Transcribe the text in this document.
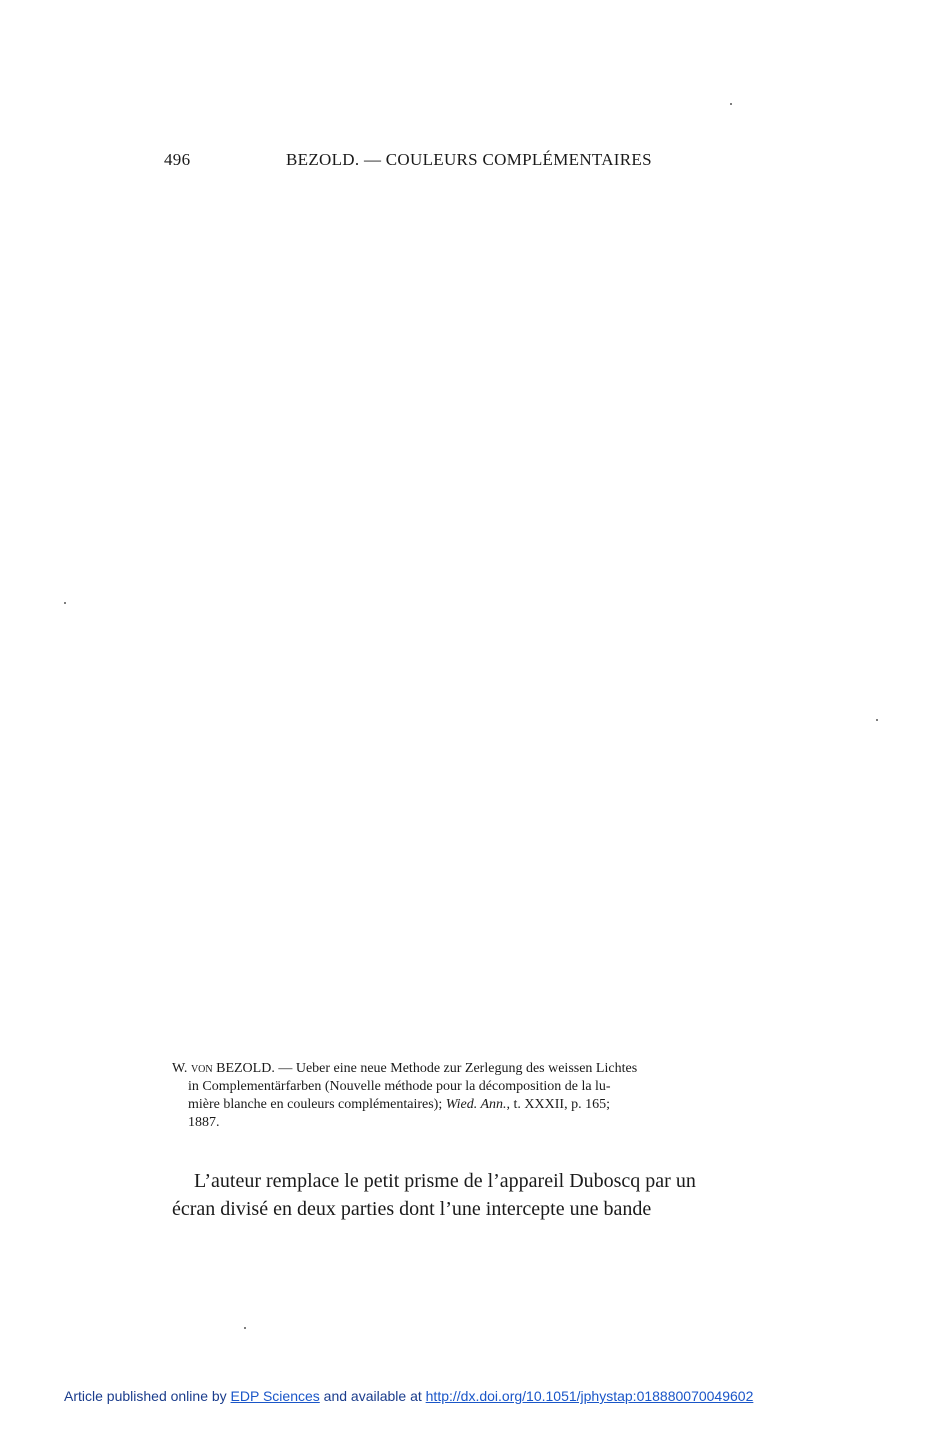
496	BEZOLD. — COULEURS COMPLÉMENTAIRES
W. von BEZOLD. — Ueber eine neue Methode zur Zerlegung des weissen Lichtes
in Complementärfarben (Nouvelle méthode pour la décomposition de la lu-
mière blanche en couleurs complémentaires); Wied. Ann., t. XXXII, p. 165;
1887.
L’auteur remplace le petit prisme de l’appareil Duboscq par un
écran divisé en deux parties dont l’une intercepte une bande
Article published online by EDP Sciences and available at http://dx.doi.org/10.1051/jphystap:018880070049602
